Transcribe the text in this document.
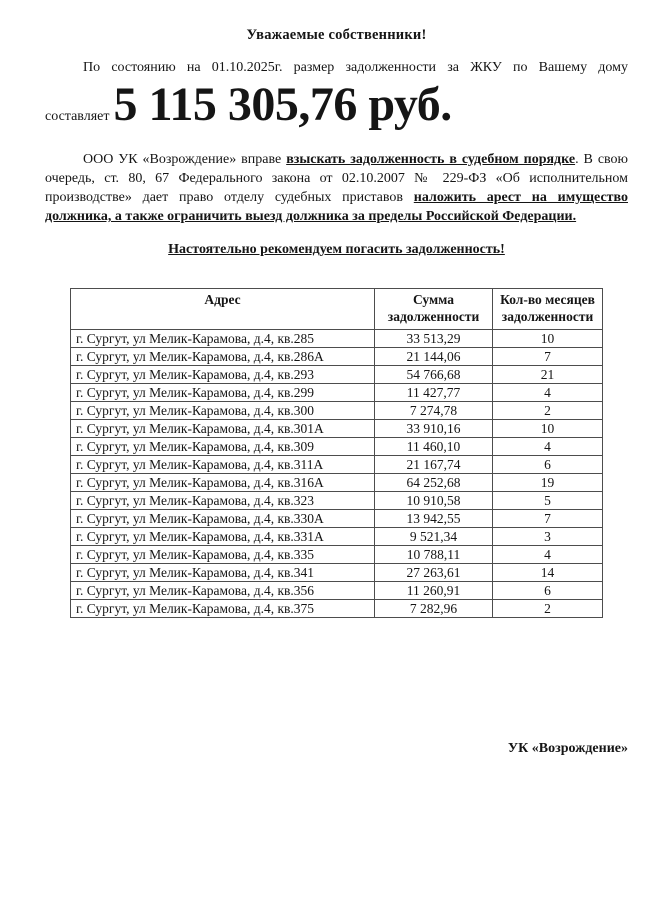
Уважаемые собственники!
По состоянию на 01.10.2025г. размер задолженности за ЖКУ по Вашему дому
составляет 5 115 305,76 руб.
ООО УК «Возрождение» вправе взыскать задолженность в судебном порядке. В свою очередь, ст. 80, 67 Федерального закона от 02.10.2007 № 229-ФЗ «Об исполнительном производстве» дает право отделу судебных приставов наложить арест на имущество должника, а также ограничить выезд должника за пределы Российской Федерации.
Настоятельно рекомендуем погасить задолженность!
Адрес	Сумма задолженности	Кол-во месяцев задолженности
г. Сургут, ул Мелик-Карамова, д.4, кв.285	33 513,29	10
г. Сургут, ул Мелик-Карамова, д.4, кв.286А	21 144,06	7
г. Сургут, ул Мелик-Карамова, д.4, кв.293	54 766,68	21
г. Сургут, ул Мелик-Карамова, д.4, кв.299	11 427,77	4
г. Сургут, ул Мелик-Карамова, д.4, кв.300	7 274,78	2
г. Сургут, ул Мелик-Карамова, д.4, кв.301А	33 910,16	10
г. Сургут, ул Мелик-Карамова, д.4, кв.309	11 460,10	4
г. Сургут, ул Мелик-Карамова, д.4, кв.311А	21 167,74	6
г. Сургут, ул Мелик-Карамова, д.4, кв.316А	64 252,68	19
г. Сургут, ул Мелик-Карамова, д.4, кв.323	10 910,58	5
г. Сургут, ул Мелик-Карамова, д.4, кв.330А	13 942,55	7
г. Сургут, ул Мелик-Карамова, д.4, кв.331А	9 521,34	3
г. Сургут, ул Мелик-Карамова, д.4, кв.335	10 788,11	4
г. Сургут, ул Мелик-Карамова, д.4, кв.341	27 263,61	14
г. Сургут, ул Мелик-Карамова, д.4, кв.356	11 260,91	6
г. Сургут, ул Мелик-Карамова, д.4, кв.375	7 282,96	2
УК «Возрождение»
